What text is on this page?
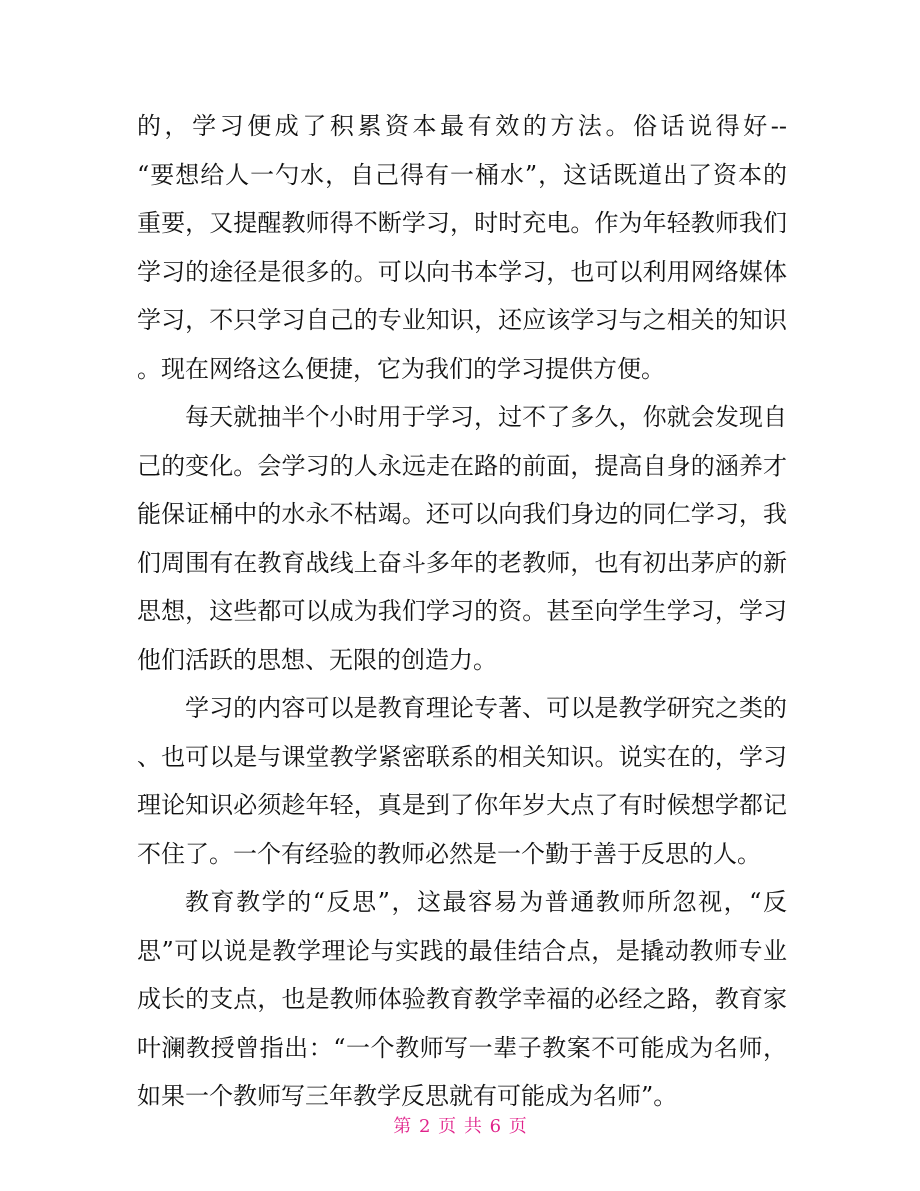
的，学习便成了积累资本最有效的方法。俗话说得好--
“要想给人一勺水，自己得有一桶水”，这话既道出了资本的
重要，又提醒教师得不断学习，时时充电。作为年轻教师我们
学习的途径是很多的。可以向书本学习，也可以利用网络媒体
学习，不只学习自己的专业知识，还应该学习与之相关的知识
。现在网络这么便捷，它为我们的学习提供方便。
每天就抽半个小时用于学习，过不了多久，你就会发现自
己的变化。会学习的人永远走在路的前面，提高自身的涵养才
能保证桶中的水永不枯竭。还可以向我们身边的同仁学习，我
们周围有在教育战线上奋斗多年的老教师，也有初出茅庐的新
思想，这些都可以成为我们学习的资。甚至向学生学习，学习
他们活跃的思想、无限的创造力。
学习的内容可以是教育理论专著、可以是教学研究之类的
、也可以是与课堂教学紧密联系的相关知识。说实在的，学习
理论知识必须趁年轻，真是到了你年岁大点了有时候想学都记
不住了。一个有经验的教师必然是一个勤于善于反思的人。
教育教学的“反思”，这最容易为普通教师所忽视，“反
思”可以说是教学理论与实践的最佳结合点，是撬动教师专业
成长的支点，也是教师体验教育教学幸福的必经之路，教育家
叶澜教授曾指出：“一个教师写一辈子教案不可能成为名师，
如果一个教师写三年教学反思就有可能成为名师”。
第 2 页 共 6 页
